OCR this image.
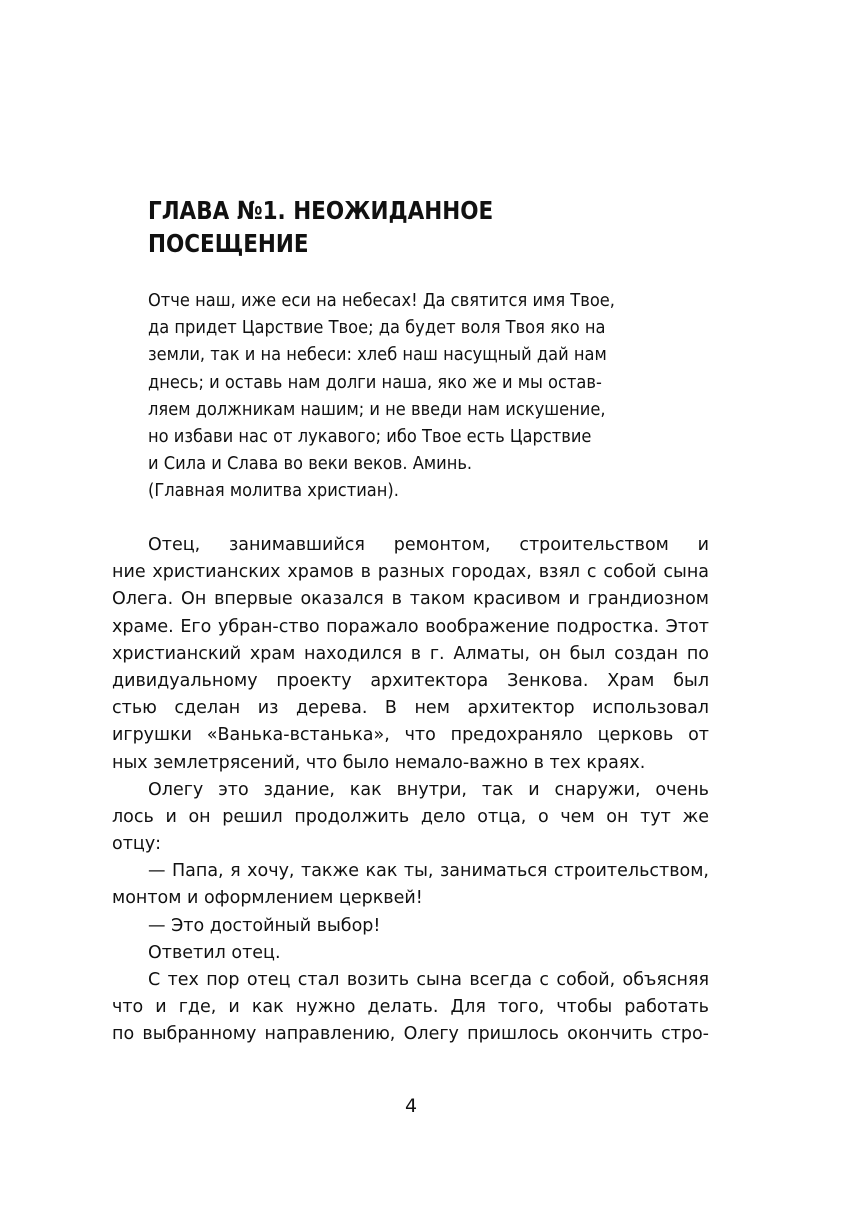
ГЛАВА №1. НЕОЖИДАННОЕ
ПОСЕЩЕНИЕ
Отче наш, иже еси на небесах! Да святится имя Твое,
да придет Царствие Твое; да будет воля Твоя яко на
земли, так и на небеси: хлеб наш насущный дай нам
днесь; и оставь нам долги наша, яко же и мы остав-
ляем должникам нашим; и не введи нам искушение,
но избави нас от лукавого; ибо Твое есть Царствие
и Сила и Слава во веки веков. Аминь.
(Главная молитва христиан).
Отец, занимавшийся ремонтом, строительством и
ние христианских храмов в разных городах, взял с собой сына
Олега. Он впервые оказался в таком красивом и грандиозном
храме. Его убран-ство поражало воображение подростка. Этот
христианский храм находился в г. Алматы, он был создан по
дивидуальному проекту архитектора Зенкова. Храм был
стью сделан из дерева. В нем архитектор использовал
игрушки «Ванька-встанька», что предохраняло церковь от
ных землетрясений, что было немало-важно в тех краях.
Олегу это здание, как внутри, так и снаружи, очень
лось и он решил продолжить дело отца, о чем он тут же
отцу:
— Папа, я хочу, также как ты, заниматься строительством,
монтом и оформлением церквей!
— Это достойный выбор!
Ответил отец.
С тех пор отец стал возить сына всегда с собой, объясняя
что и где, и как нужно делать. Для того, чтобы работать
по выбранному направлению, Олегу пришлось окончить стро-
4
